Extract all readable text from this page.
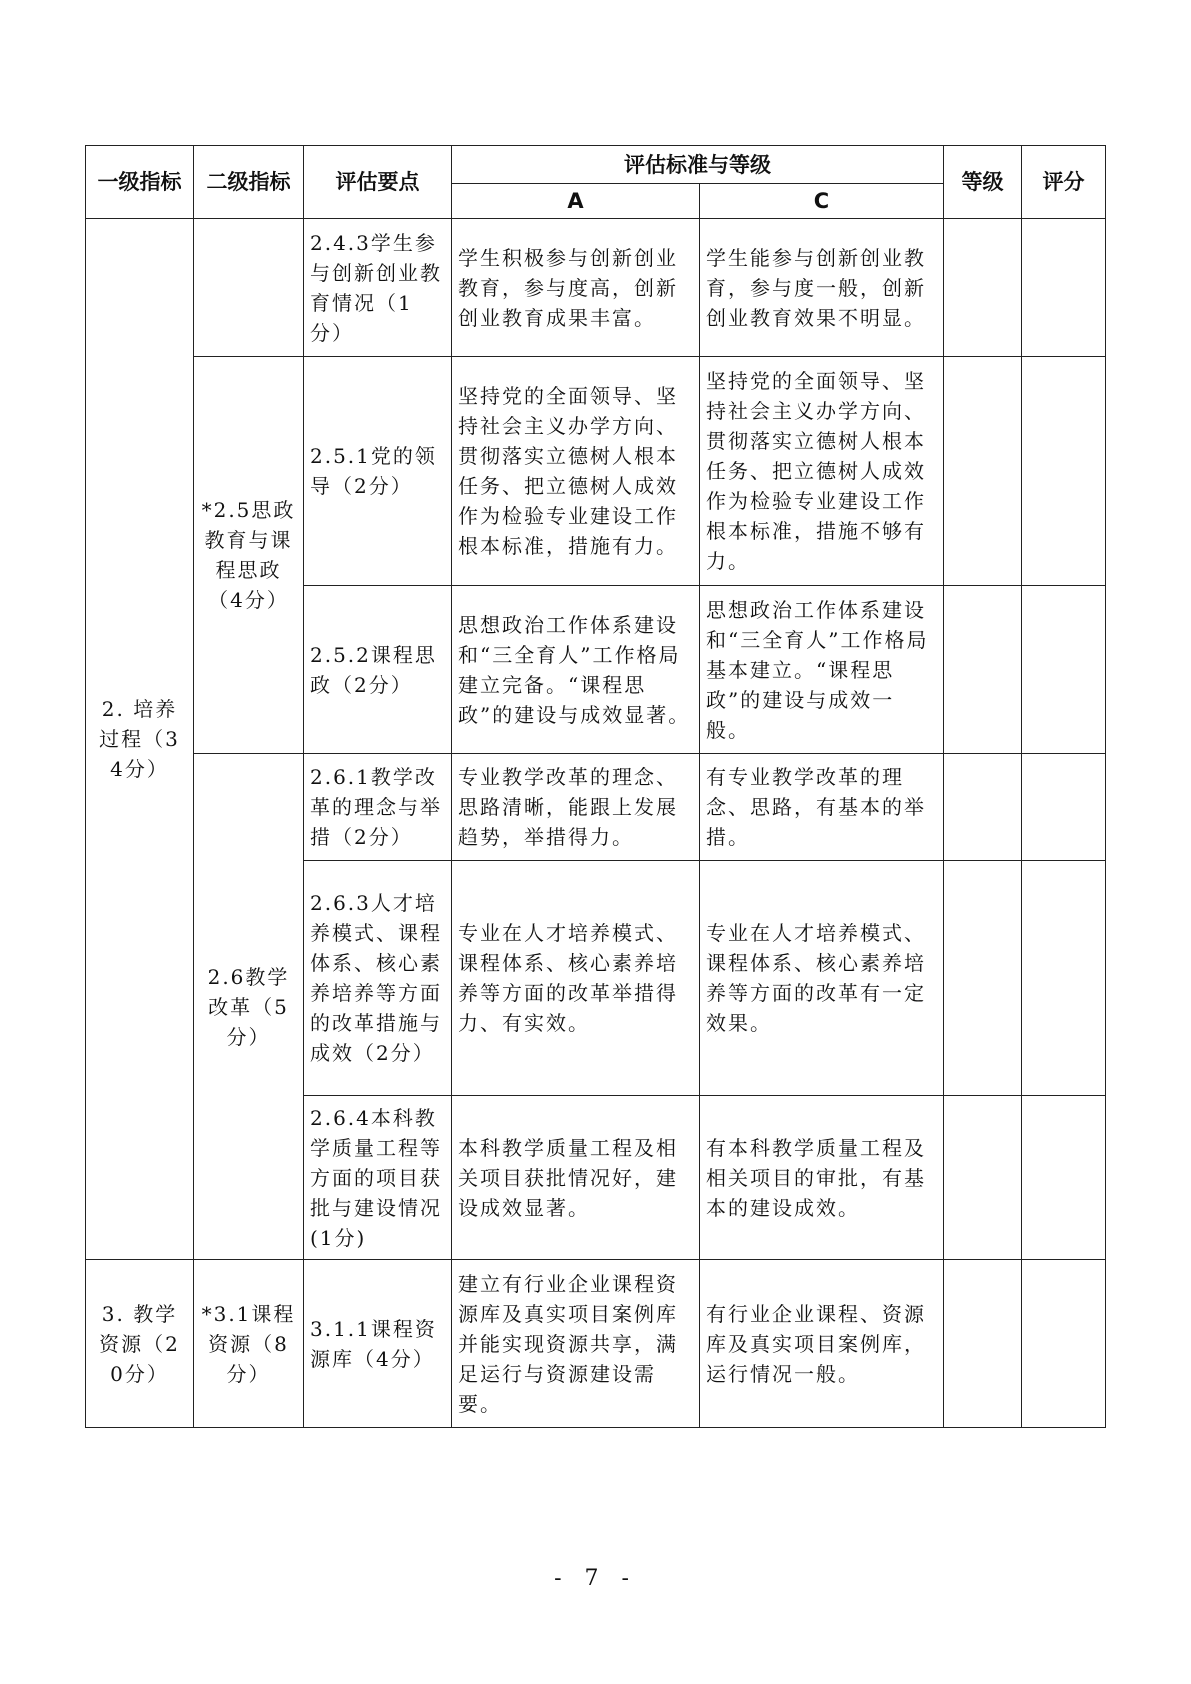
一级指标	二级指标	评估要点	评估标准与等级		等级	评分
			A	C		
2. 培养过程（34分）		2.4.3学生参与创新创业教育情况（1分）	学生积极参与创新创业教育，参与度高，创新创业教育成果丰富。	学生能参与创新创业教育，参与度一般，创新创业教育效果不明显。		
	*2.5思政教育与课程思政（4分）	2.5.1党的领导（2分）	坚持党的全面领导、坚持社会主义办学方向、贯彻落实立德树人根本任务、把立德树人成效作为检验专业建设工作根本标准，措施有力。	坚持党的全面领导、坚持社会主义办学方向、贯彻落实立德树人根本任务、把立德树人成效作为检验专业建设工作根本标准，措施不够有力。		
		2.5.2课程思政（2分）	思想政治工作体系建设和“三全育人”工作格局建立完备。“课程思政”的建设与成效显著。	思想政治工作体系建设和“三全育人”工作格局基本建立。“课程思政”的建设与成效一般。		
	2.6教学改革（5分）	2.6.1教学改革的理念与举措（2分）	专业教学改革的理念、思路清晰，能跟上发展趋势，举措得力。	有专业教学改革的理念、思路，有基本的举措。		
		2.6.3人才培养模式、课程体系、核心素养培养等方面的改革措施与成效（2分）	专业在人才培养模式、课程体系、核心素养培养等方面的改革举措得力、有实效。	专业在人才培养模式、课程体系、核心素养培养等方面的改革有一定效果。		
		2.6.4本科教学质量工程等方面的项目获批与建设情况(1分)	本科教学质量工程及相关项目获批情况好，建设成效显著。	有本科教学质量工程及相关项目的审批，有基本的建设成效。		
3. 教学资源（20分）	*3.1课程资源（8分）	3.1.1课程资源库（4分）	建立有行业企业课程资源库及真实项目案例库并能实现资源共享，满足运行与资源建设需要。	有行业企业课程、资源库及真实项目案例库，运行情况一般。		
- 7 -
